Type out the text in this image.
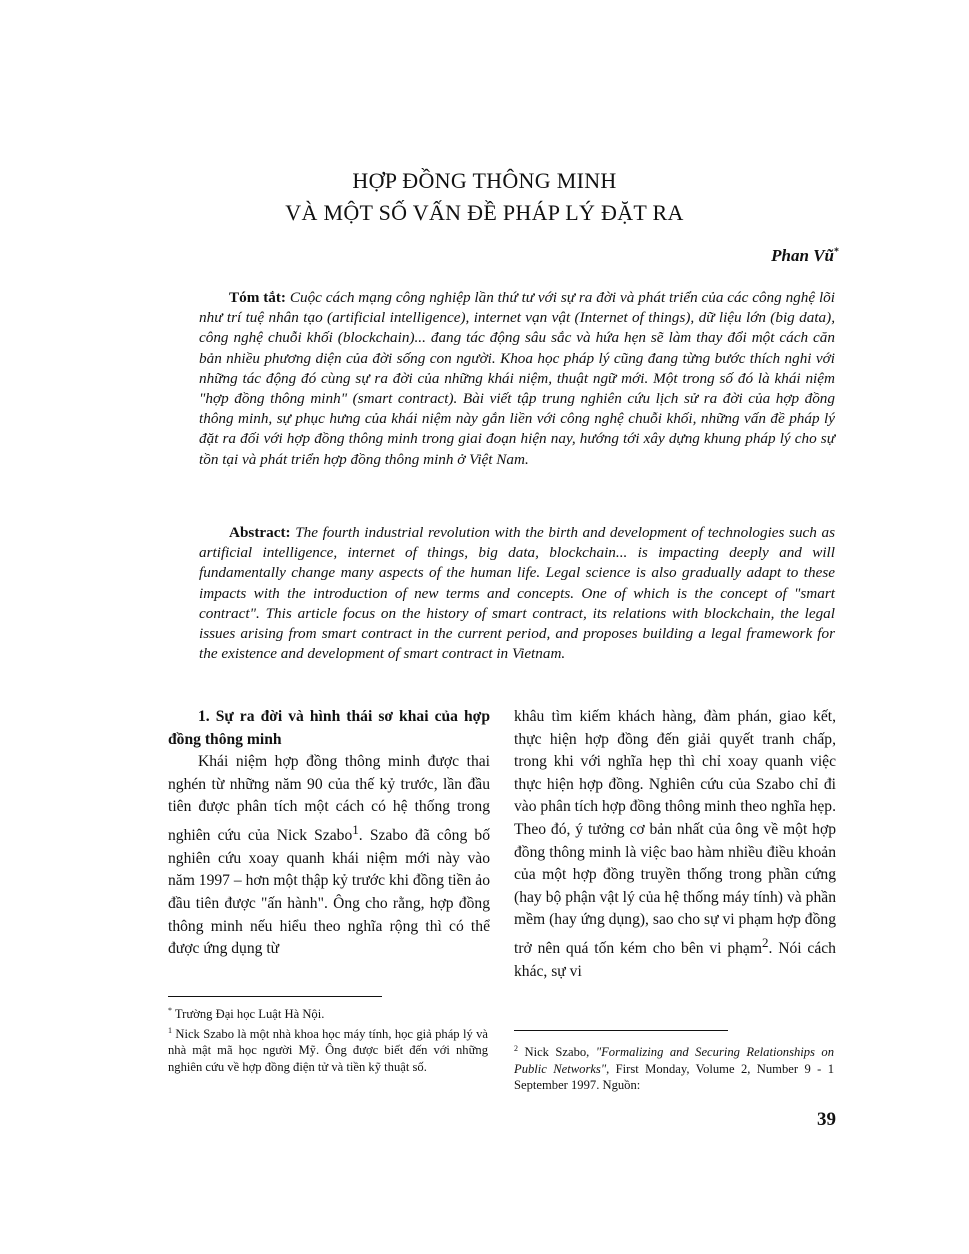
HỢP ĐỒNG THÔNG MINH
VÀ MỘT SỐ VẤN ĐỀ PHÁP LÝ ĐẶT RA
Phan Vũ*

Tóm tắt: Cuộc cách mạng công nghiệp lần thứ tư với sự ra đời và phát triển của các công nghệ lõi như trí tuệ nhân tạo (artificial intelligence), internet vạn vật (Internet of things), dữ liệu lớn (big data), công nghệ chuỗi khối (blockchain)... đang tác động sâu sắc và hứa hẹn sẽ làm thay đổi một cách căn bản nhiều phương diện của đời sống con người. Khoa học pháp lý cũng đang từng bước thích nghi với những tác động đó cùng sự ra đời của những khái niệm, thuật ngữ mới. Một trong số đó là khái niệm "hợp đồng thông minh" (smart contract). Bài viết tập trung nghiên cứu lịch sử ra đời của hợp đồng thông minh, sự phục hưng của khái niệm này gắn liền với công nghệ chuỗi khối, những vấn đề pháp lý đặt ra đối với hợp đồng thông minh trong giai đoạn hiện nay, hướng tới xây dựng khung pháp lý cho sự tồn tại và phát triển hợp đồng thông minh ở Việt Nam.

Abstract: The fourth industrial revolution with the birth and development of technologies such as artificial intelligence, internet of things, big data, blockchain... is impacting deeply and will fundamentally change many aspects of the human life. Legal science is also gradually adapt to these impacts with the introduction of new terms and concepts. One of which is the concept of "smart contract". This article focus on the history of smart contract, its relations with blockchain, the legal issues arising from smart contract in the current period, and proposes building a legal framework for the existence and development of smart contract in Vietnam.

1. Sự ra đời và hình thái sơ khai của hợp đồng thông minh

Khái niệm hợp đồng thông minh được thai nghén từ những năm 90 của thế kỷ trước, lần đầu tiên được phân tích một cách có hệ thống trong nghiên cứu của Nick Szabo$^1$. Szabo đã công bố nghiên cứu xoay quanh khái niệm mới này vào năm 1997 – hơn một thập kỷ trước khi đồng tiền ảo đầu tiên được "ấn hành". Ông cho rằng, hợp đồng thông minh nếu hiểu theo nghĩa rộng thì có thể được ứng dụng từ

khâu tìm kiếm khách hàng, đàm phán, giao kết, thực hiện hợp đồng đến giải quyết tranh chấp, trong khi với nghĩa hẹp thì chỉ xoay quanh việc thực hiện hợp đồng. Nghiên cứu của Szabo chỉ đi vào phân tích hợp đồng thông minh theo nghĩa hẹp. Theo đó, ý tưởng cơ bản nhất của ông về một hợp đồng thông minh là việc bao hàm nhiều điều khoản của một hợp đồng truyền thống trong phần cứng (hay bộ phận vật lý của hệ thống máy tính) và phần mềm (hay ứng dụng), sao cho sự vi phạm hợp đồng trở nên quá tốn kém cho bên vi phạm$^2$. Nói cách khác, sự vi

* Trường Đại học Luật Hà Nội.

$^1$ Nick Szabo là một nhà khoa học máy tính, học giả pháp lý và nhà mật mã học người Mỹ. Ông được biết đến với những nghiên cứu về hợp đồng điện tử và tiền kỹ thuật số.

$^2$ Nick Szabo, "Formalizing and Securing Relationships on Public Networks", First Monday, Volume 2, Number 9 - 1 September 1997. Nguồn:

39
